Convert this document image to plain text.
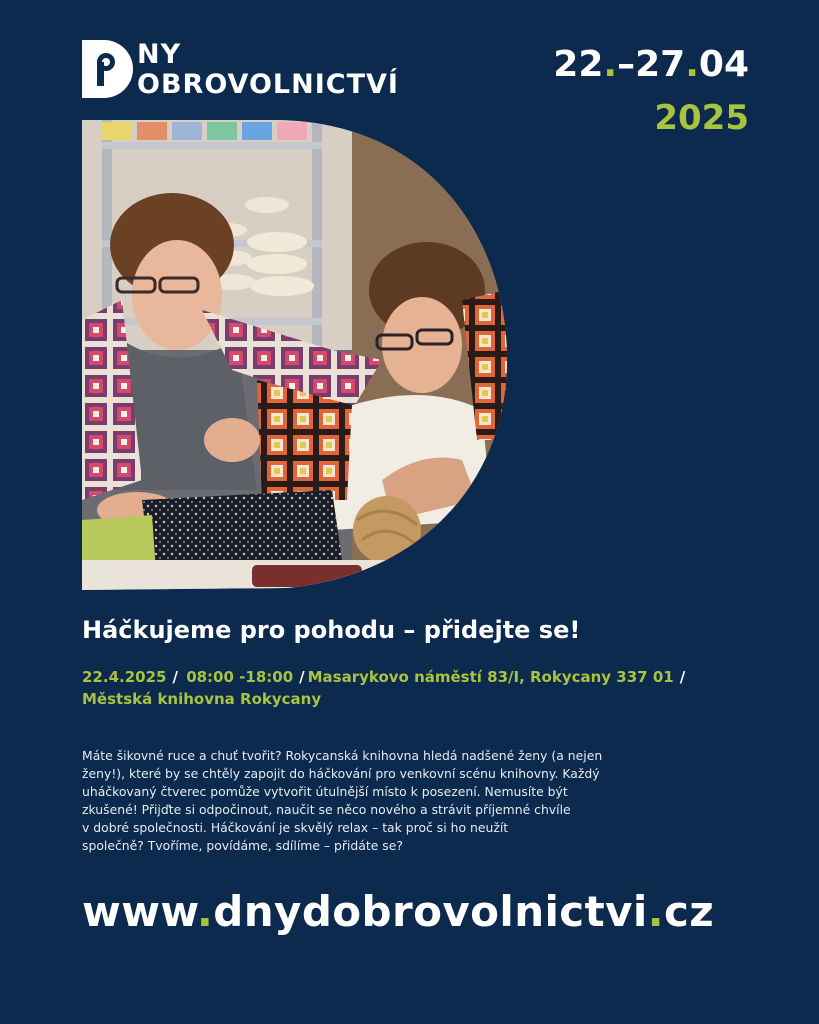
NY
OBROVOLNICTVÍ	22.–27.04
2025
Háčkujeme pro pohodu – přidejte se!
22.4.2025 / 08:00 -18:00 / Masarykovo náměstí 83/I, Rokycany 337 01 /
Městská knihovna Rokycany
Máte šikovné ruce a chuť tvořit? Rokycanská knihovna hledá nadšené ženy (a nejen
ženy!), které by se chtěly zapojit do háčkování pro venkovní scénu knihovny. Každý
uháčkovaný čtverec pomůže vytvořit útulnější místo k posezení. Nemusíte být
zkušené! Přijďte si odpočinout, naučit se něco nového a strávit příjemné chvíle
v dobré společnosti. Háčkování je skvělý relax – tak proč si ho neužít
společně? Tvoříme, povídáme, sdílíme – přidáte se?
www.dnydobrovolnictvi.cz
